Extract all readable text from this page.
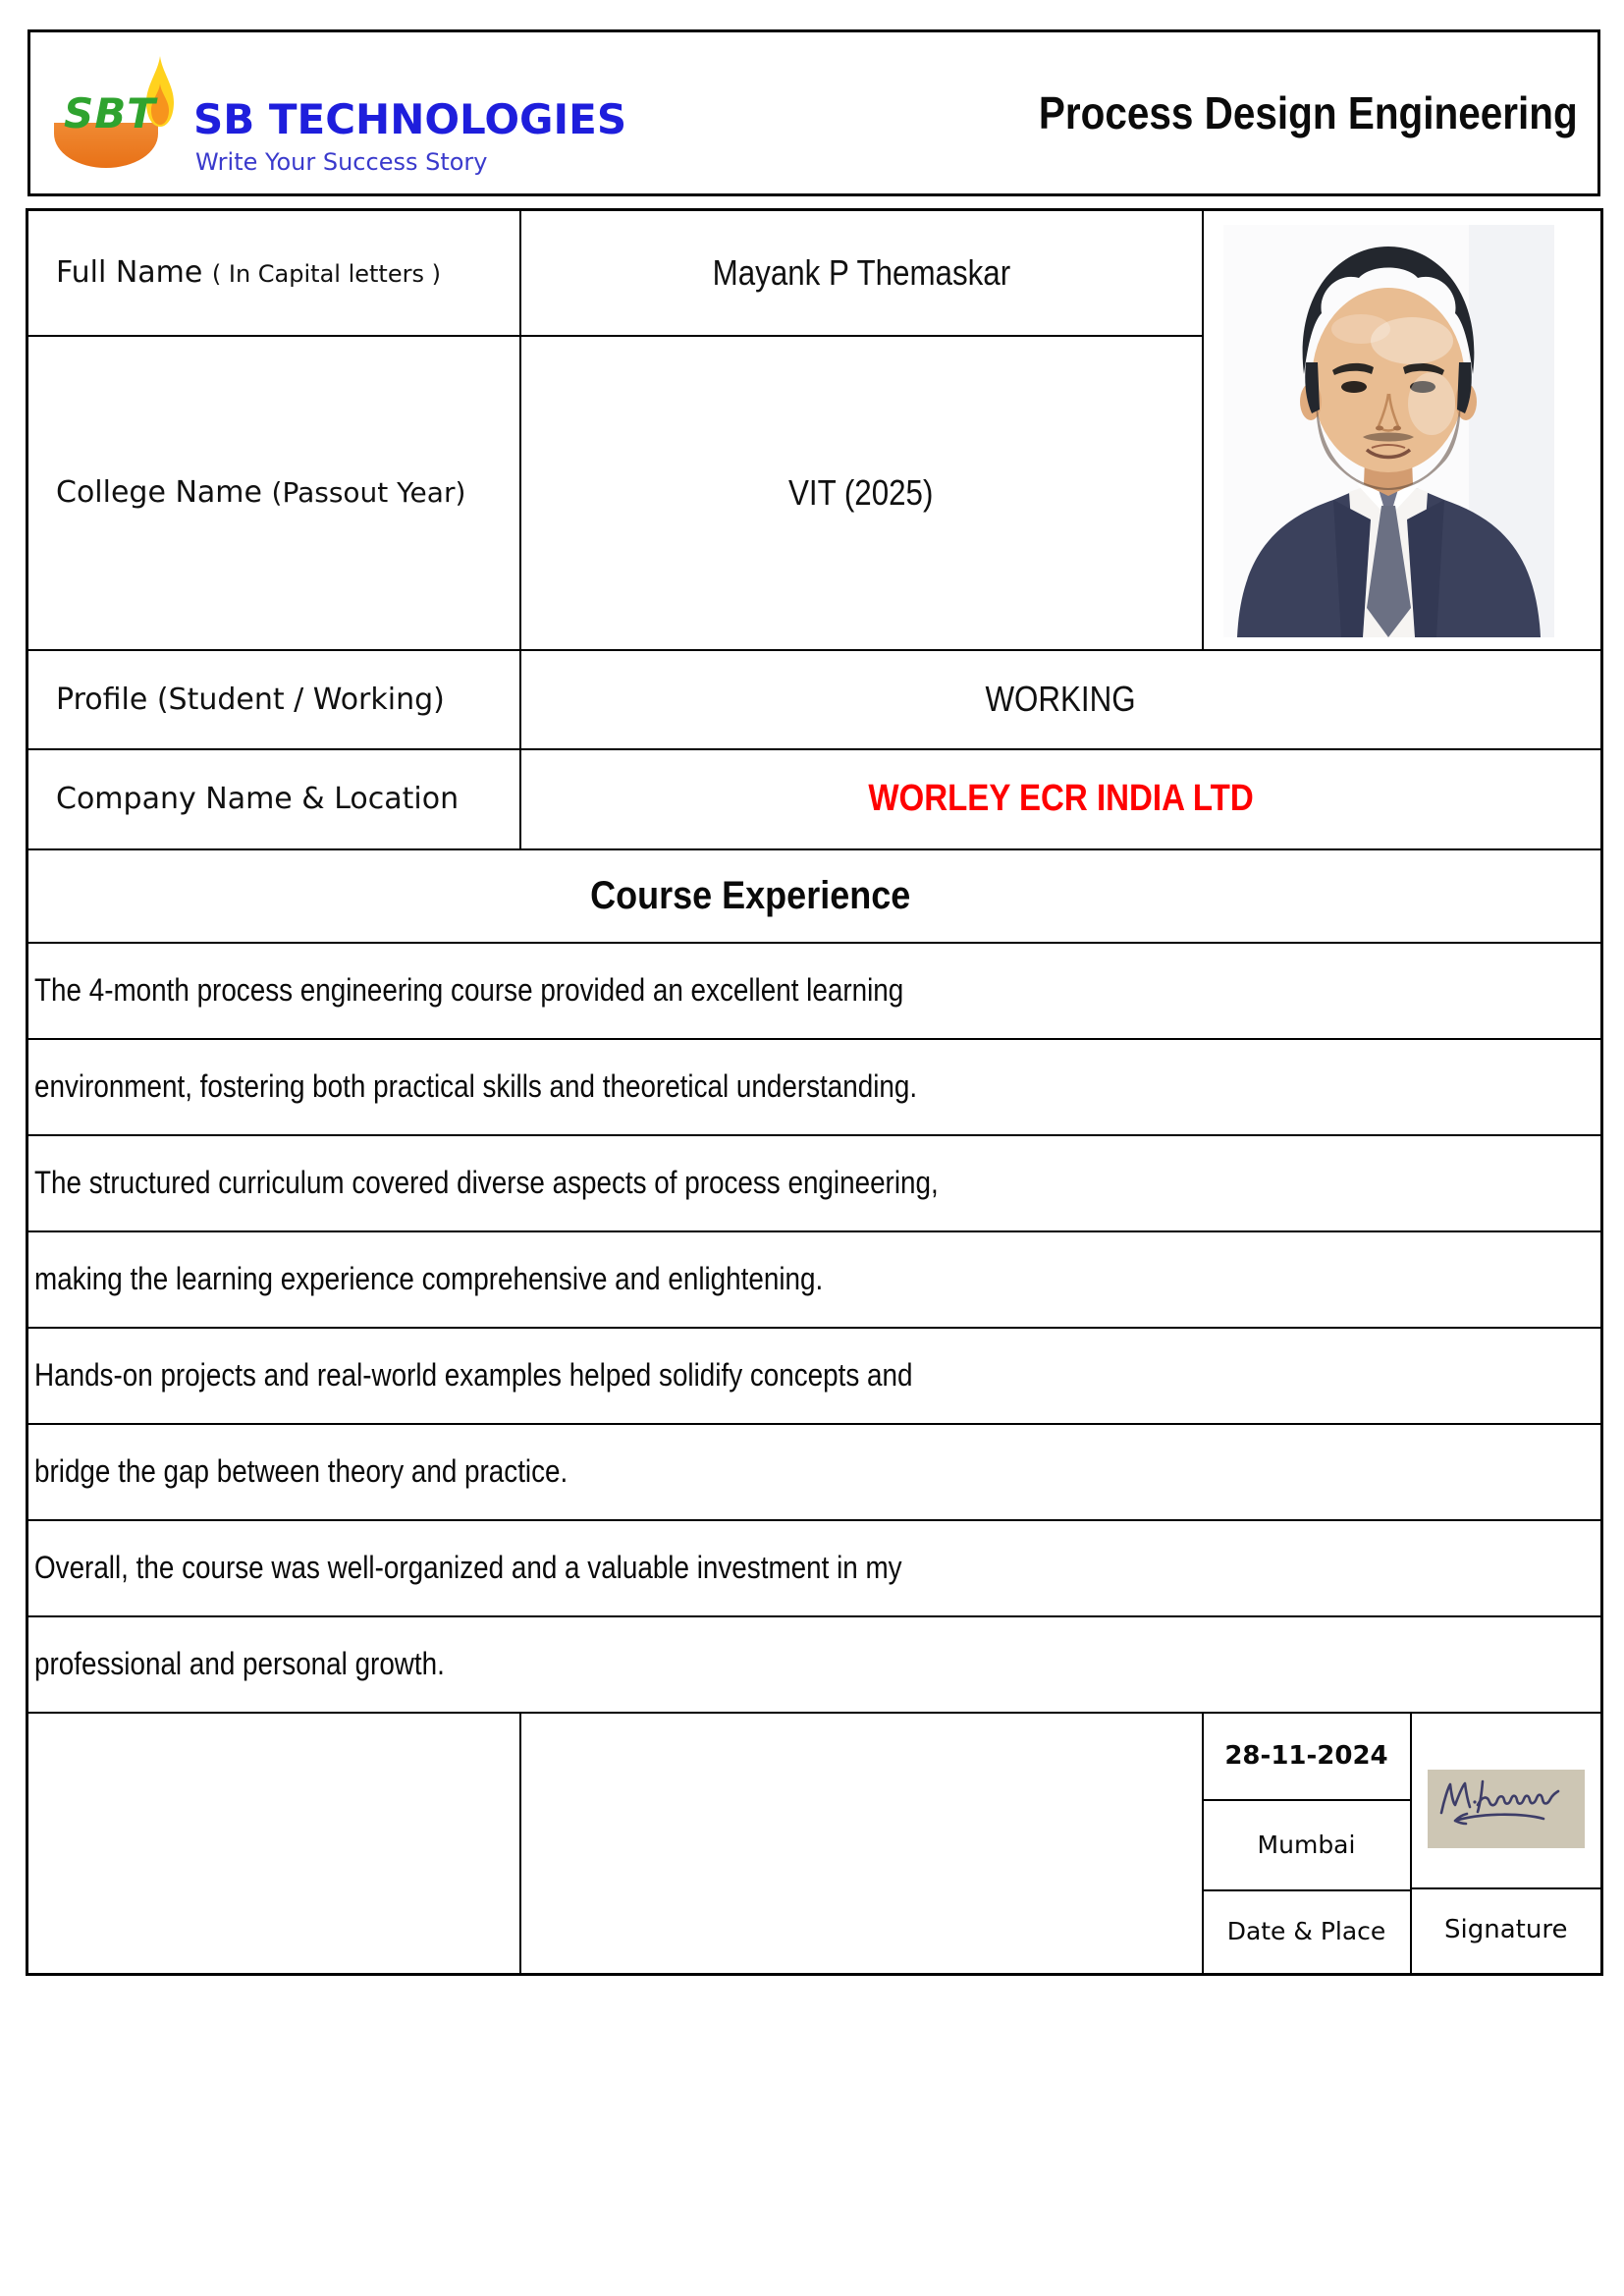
SBT SB TECHNOLOGIES
Write Your Success Story
Process Design Engineering
Full Name ( In Capital letters )	Mayank P Themaskar	

College Name (Passout Year)	VIT (2025)		
Profile (Student / Working)	WORKING		
Company Name & Location	WORLEY ECR INDIA LTD		
Course Experience			
The 4-month process engineering course provided an excellent learning			
environment, fostering both practical skills and theoretical understanding.			
The structured curriculum covered diverse aspects of process engineering,			
making the learning experience comprehensive and enlightening.			
Hands-on projects and real-world examples helped solidify concepts and			
bridge the gap between theory and practice.			
Overall, the course was well-organized and a valuable investment in my			
professional and personal growth.			

28-11-2024
Mumbai
Date & Place	Signature
